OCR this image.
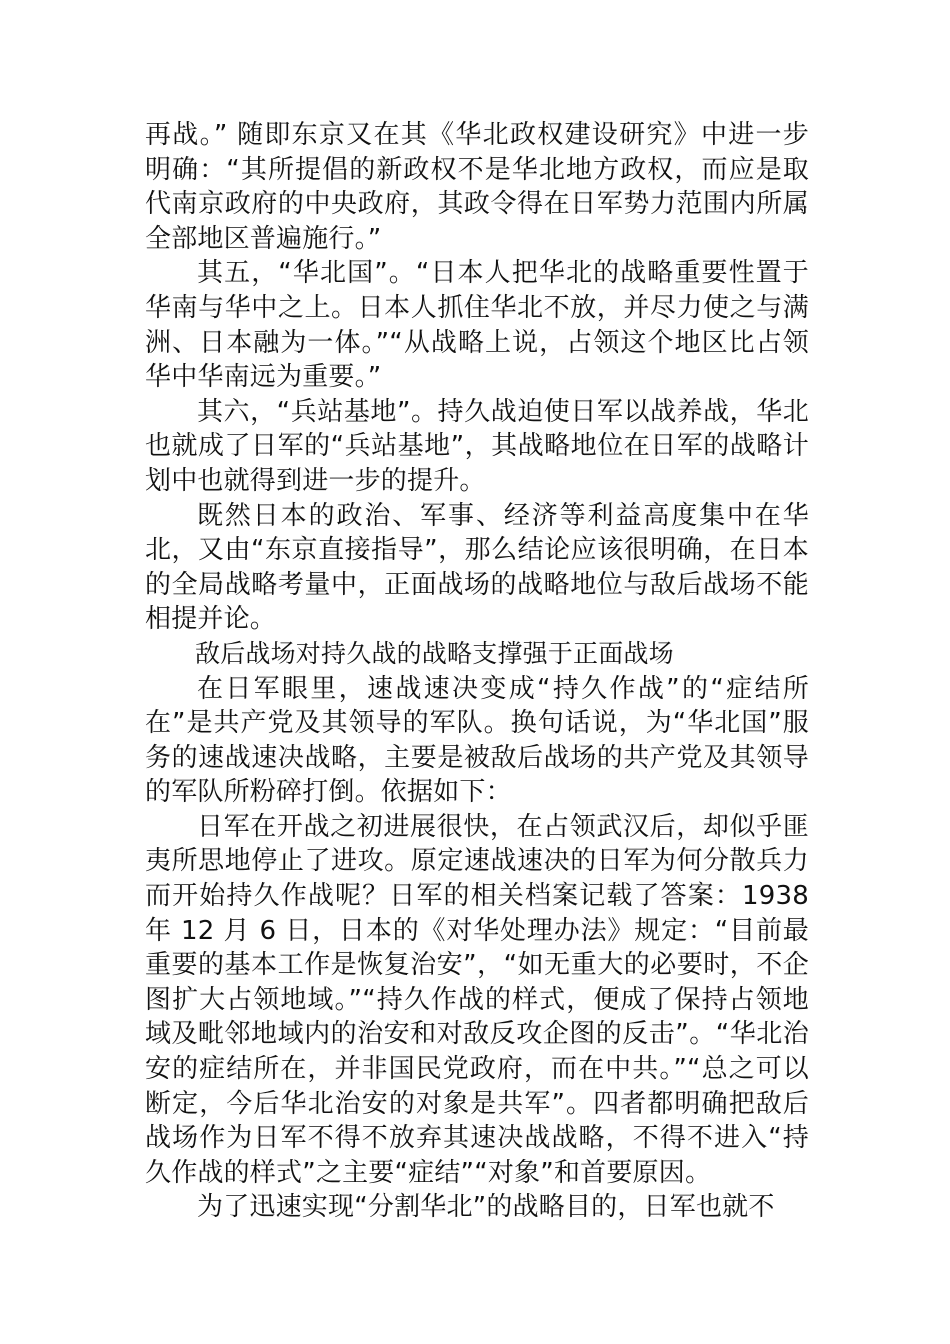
再战。” 随即东京又在其《华北政权建设研究》中进一步明确：“其所提倡的新政权不是华北地方政权，而应是取代南京政府的中央政府，其政令得在日军势力范围内所属全部地区普遍施行。”

其五，“华北国”。“日本人把华北的战略重要性置于华南与华中之上。日本人抓住华北不放，并尽力使之与满洲、日本融为一体。”“从战略上说，占领这个地区比占领华中华南远为重要。”

其六，“兵站基地”。持久战迫使日军以战养战，华北也就成了日军的“兵站基地”，其战略地位在日军的战略计划中也就得到进一步的提升。

既然日本的政治、军事、经济等利益高度集中在华北，又由“东京直接指导”，那么结论应该很明确，在日本的全局战略考量中，正面战场的战略地位与敌后战场不能相提并论。

敌后战场对持久战的战略支撑强于正面战场

在日军眼里，速战速决变成“持久作战”的“症结所在”是共产党及其领导的军队。换句话说，为“华北国”服务的速战速决战略，主要是被敌后战场的共产党及其领导的军队所粉碎打倒。依据如下：

日军在开战之初进展很快，在占领武汉后，却似乎匪夷所思地停止了进攻。原定速战速决的日军为何分散兵力而开始持久作战呢？日军的相关档案记载了答案：1938 年 12 月 6 日，日本的《对华处理办法》规定：“目前最重要的基本工作是恢复治安”，“如无重大的必要时，不企图扩大占领地域。”“持久作战的样式，便成了保持占领地域及毗邻地域内的治安和对敌反攻企图的反击”。“华北治安的症结所在，并非国民党政府，而在中共。”“总之可以断定，今后华北治安的对象是共军”。四者都明确把敌后战场作为日军不得不放弃其速决战战略，不得不进入“持久作战的样式”之主要“症结”“对象”和首要原因。

为了迅速实现“分割华北”的战略目的，日军也就不
